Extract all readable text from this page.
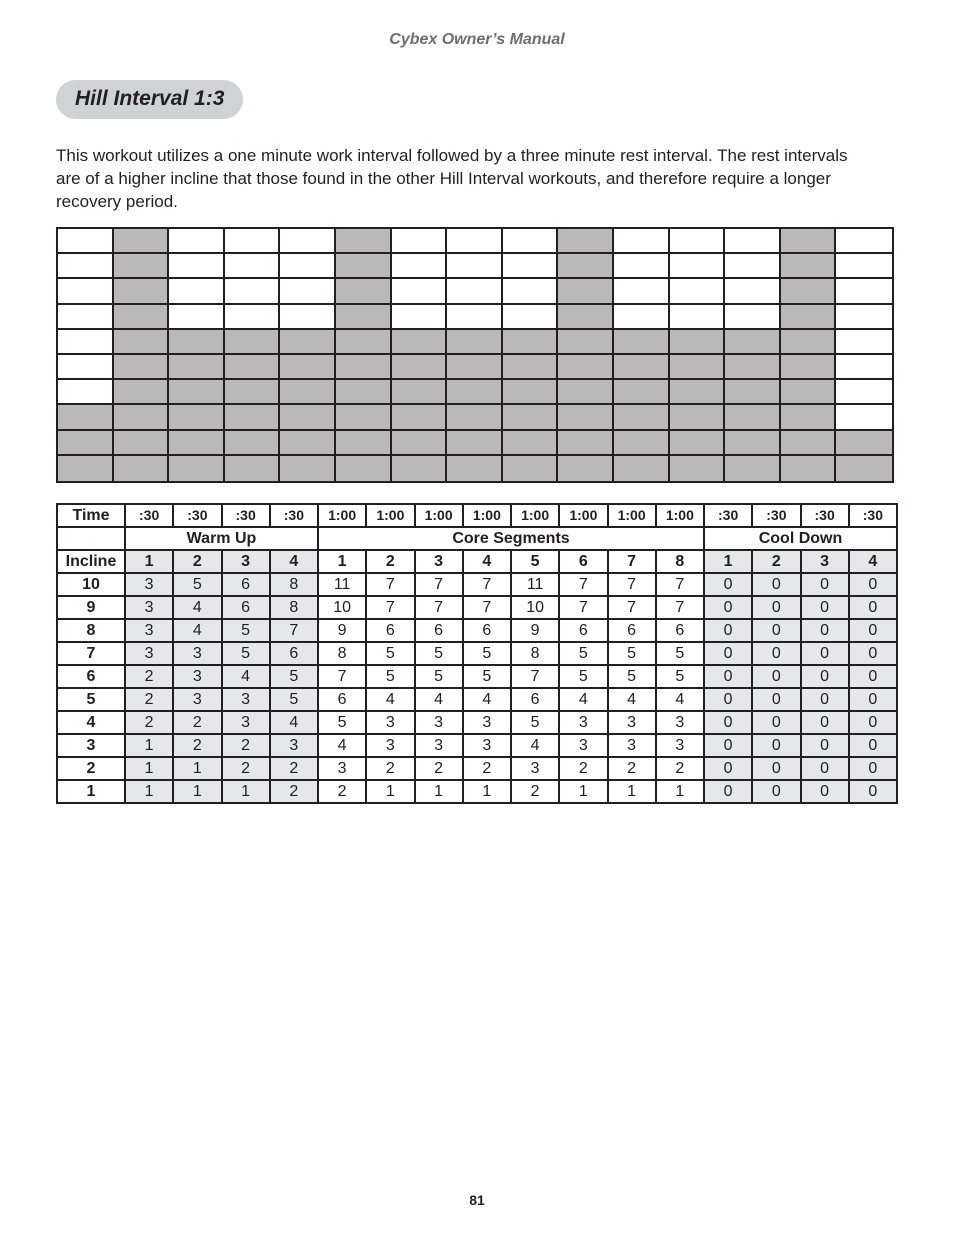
Cybex Owner’s Manual
Hill Interval 1:3

This workout utilizes a one minute work interval followed by a three minute rest interval. The rest intervals are of a higher incline that those found in the other Hill Interval workouts, and therefore require a longer recovery period.

Time	:30	:30	:30	:30	1:00	1:00	1:00	1:00	1:00	1:00	1:00	1:00	:30	:30	:30	:30
	Warm Up				Core Segments								Cool Down			
Incline	1	2	3	4	1	2	3	4	5	6	7	8	1	2	3	4
10	3	5	6	8	11	7	7	7	11	7	7	7	0	0	0	0
9	3	4	6	8	10	7	7	7	10	7	7	7	0	0	0	0
8	3	4	5	7	9	6	6	6	9	6	6	6	0	0	0	0
7	3	3	5	6	8	5	5	5	8	5	5	5	0	0	0	0
6	2	3	4	5	7	5	5	5	7	5	5	5	0	0	0	0
5	2	3	3	5	6	4	4	4	6	4	4	4	0	0	0	0
4	2	2	3	4	5	3	3	3	5	3	3	3	0	0	0	0
3	1	2	2	3	4	3	3	3	4	3	3	3	0	0	0	0
2	1	1	2	2	3	2	2	2	3	2	2	2	0	0	0	0
1	1	1	1	2	2	1	1	1	2	1	1	1	0	0	0	0
81
